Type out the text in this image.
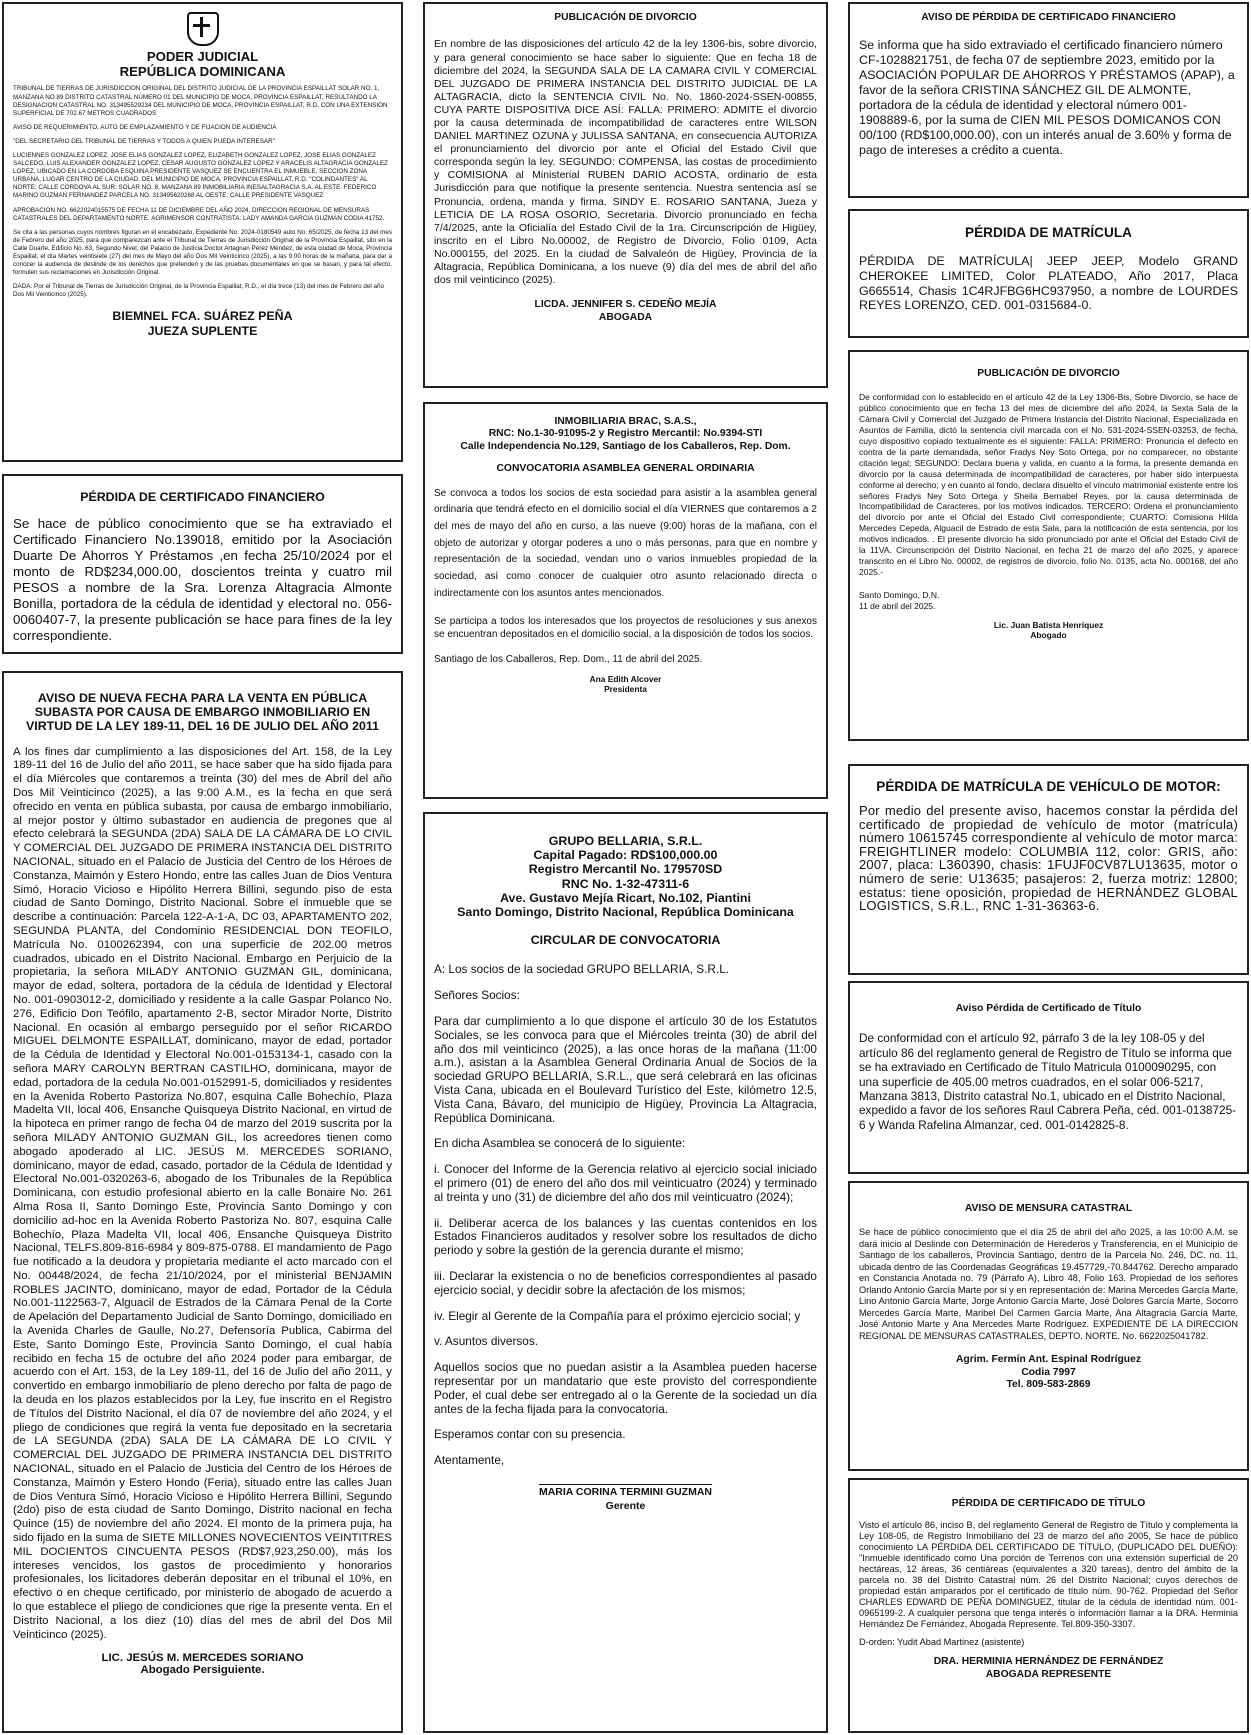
PODER JUDICIAL
REPÚBLICA DOMINICANA

TRIBUNAL DE TIERRAS DE JURISDICCION ORIGINAL DEL DISTRITO JUDICIAL DE LA PROVINCIA ESPAILLAT SOLAR NO. 1, MANZANA NO 89 DISTRITO CATASTRAL NÚMERO 01 DEL MUNICIPIO DE MOCA, PROVINCIA ESPAILLAT, RESULTANDO LA DESIGNACION CATASTRAL NO. 313495529234 DEL MUNICIPIO DE MOCA, PROVINCIA ESPAILLAT, R.D, CON UNA EXTENSION SUPERFICIAL DE 702.67 METROS CUADRADOS

AVISO DE REQUERIMIENTO, AUTO DE EMPLAZAMIENTO Y DE FIJACION DE AUDIENCIA

"DEL SECRETARIO DEL TRIBUNAL DE TIERRAS Y TODOS A QUIEN PUEDA INTERESAR"

LUCIENNES GONZALEZ LOPEZ, JOSE ELIAS GONZALEZ LOPEZ, ELIZABETH GONZALEZ LOPEZ, JOSE ELIAS GONZALEZ SALCEDO, LUIS ALEXANDER GONZALEZ LOPEZ, CESAR AUGUSTO GONZALEZ LOPEZ Y ARACELIS ALTAGRACIA GONZALEZ LOPEZ, UBICADO EN LA CORDOBA ESQUINA PRESIDENTE VASQUEZ SE ENCUENTRA EL INMUEBLE, SECCION ZONA URBANA, LUGAR CENTRO DE LA CIUDAD, DEL MUNICIPIO DE MOCA, PROVINCIA ESPAILLAT, R.D. "COLINDANTES" AL NORTE: CALLE CORDOVA AL SUR: SOLAR NO. 8, MANZANA 89 INMOBILIARIA INESALTAGRACIA S.A. AL ESTE: FEDERICO MARINO GUZMAN FERNANDEZ PARCELA NO. 313495620268 AL OESTE: CALLE PRESIDENTE VASQUEZ

APROBACION NO. 6622024015575 DE FECHA 11 DE DICIEMBRE DEL AÑO 2024, DIRECCION REGIONAL DE MENSURAS CATASTRALES DEL DEPARTAMENTO NORTE. AGRIMENSOR CONTRATISTA: LADY AMANDA GARCIA GUZMAN CODIA 41752.

Se cita a las personas cuyos nombres figuran en el encabezado, Expediente No. 2024-0180549 auto No. 65/2025, de fecha 13 del mes de Febrero del año 2025, para que comparezcan ante el Tribunal de Tierras de Jurisdicción Original de la Provincia Espaillat, sito en la Calle Duarte, Edificio No. 63, Segundo Nivel, del Palacio de Justicia Doctor Artagnan Pérez Méndez, de esta ciudad de Moca, Provincia Espaillat, el día Martes veintisiete (27) del mes de Mayo del año Dos Mil Veinticinco (2025), a las 9:00 horas de la mañana, para dar a conocer la audiencia de deslinde de los derechos que pretenden y de las pruebas documentales en que se basan, y para tal efecto, formulen sus reclamaciones en Jurisdicción Original.

DADA: Por el Tribunal de Tierras de Jurisdicción Original, de la Provincia Espaillat, R.D., el día trece (13) del mes de Febrero del año Dos Mil Veinticinco (2025).

BIEMNEL FCA. SUÁREZ PEÑA
JUEZA SUPLENTE
PÉRDIDA DE CERTIFICADO FINANCIERO

Se hace de público conocimiento que se ha extraviado el Certificado Financiero No.139018, emitido por la Asociación Duarte De Ahorros Y Préstamos ,en fecha 25/10/2024 por el monto de RD$234,000.00, doscientos treinta y cuatro mil PESOS a nombre de la Sra. Lorenza Altagracia Almonte Bonilla, portadora de la cédula de identidad y electoral no. 056-0060407-7, la presente publicación se hace para fines de la ley correspondiente.

AVISO DE NUEVA FECHA PARA LA VENTA EN PÚBLICA SUBASTA POR CAUSA DE EMBARGO INMOBILIARIO EN VIRTUD DE LA LEY 189-11, DEL 16 DE JULIO DEL AÑO 2011

A los fines dar cumplimiento a las disposiciones del Art. 158, de la Ley 189-11 del 16 de Julio del año 2011, se hace saber que ha sido fijada para el día Miércoles que contaremos a treinta (30) del mes de Abril del año Dos Mil Veinticinco (2025), a las 9:00 A.M., es la fecha en que será ofrecido en venta en pública subasta, por causa de embargo inmobiliario, al mejor postor y último subastador en audiencia de pregones que al efecto celebrará la SEGUNDA (2DA) SALA DE LA CÁMARA DE LO CIVIL Y COMERCIAL DEL JUZGADO DE PRIMERA INSTANCIA DEL DISTRITO NACIONAL, situado en el Palacio de Justicia del Centro de los Héroes de Constanza, Maimón y Estero Hondo, entre las calles Juan de Dios Ventura Simó, Horacio Vicioso e Hipólito Herrera Billini, segundo piso de esta ciudad de Santo Domingo, Distrito Nacional. Sobre el inmueble que se describe a continuación: Parcela 122-A-1-A, DC 03, APARTAMENTO 202, SEGUNDA PLANTA, del Condominio RESIDENCIAL DON TEOFILO, Matrícula No. 0100262394, con una superficie de 202.00 metros cuadrados, ubicado en el Distrito Nacional. Embargo en Perjuicio de la propietaria, la señora MILADY ANTONIO GUZMAN GIL, dominicana, mayor de edad, soltera, portadora de la cédula de Identidad y Electoral No. 001-0903012-2, domiciliado y residente a la calle Gaspar Polanco No. 276, Edificio Don Teófilo, apartamento 2-B, sector Mirador Norte, Distrito Nacional. En ocasión al embargo perseguido por el señor RICARDO MIGUEL DELMONTE ESPAILLAT, dominicano, mayor de edad, portador de la Cédula de Identidad y Electoral No.001-0153134-1, casado con la señora MARY CAROLYN BERTRAN CASTILHO, dominicana, mayor de edad, portadora de la cedula No.001-0152991-5, domiciliados y residentes en la Avenida Roberto Pastoriza No.807, esquina Calle Bohechío, Plaza Madelta VII, local 406, Ensanche Quisqueya Distrito Nacional, en virtud de la hipoteca en primer rango de fecha 04 de marzo del 2019 suscrita por la señora MILADY ANTONIO GUZMAN GIL, los acreedores tienen como abogado apoderado al LIC. JESÚS M. MERCEDES SORIANO, dominicano, mayor de edad, casado, portador de la Cédula de Identidad y Electoral No.001-0320263-6, abogado de los Tribunales de la República Dominicana, con estudio profesional abierto en la calle Bonaire No. 261 Alma Rosa II, Santo Domingo Este, Provincia Santo Domingo y con domicilio ad-hoc en la Avenida Roberto Pastoriza No. 807, esquina Calle Bohechío, Plaza Madelta VII, local 406, Ensanche Quisqueya Distrito Nacional, TELFS.809-816-6984 y 809-875-0788. El mandamiento de Pago fue notificado a la deudora y propietaria mediante el acto marcado con el No. 00448/2024, de fecha 21/10/2024, por el ministerial BENJAMIN ROBLES JACINTO, dominicano, mayor de edad, Portador de la Cédula No.001-1122563-7, Alguacil de Estrados de la Cámara Penal de la Corte de Apelación del Departamento Judicial de Santo Domingo, domiciliado en la Avenida Charles de Gaulle, No.27, Defensoría Publica, Cabirma del Este, Santo Domingo Este, Provincia Santo Domingo, el cual había recibido en fecha 15 de octubre del año 2024 poder para embargar, de acuerdo con el Art. 153, de la Ley 189-11, del 16 de Julio del año 2011, y convertido en embargo inmobiliario de pleno derecho por falta de pago de la deuda en los plazos establecidos por la Ley, fue inscrito en el Registro de Títulos del Distrito Nacional, el día 07 de noviembre del año 2024, y el pliego de condiciones que regirá la venta fue depositado en la secretaria de LA SEGUNDA (2DA) SALA DE LA CÁMARA DE LO CIVIL Y COMERCIAL DEL JUZGADO DE PRIMERA INSTANCIA DEL DISTRITO NACIONAL, situado en el Palacio de Justicia del Centro de los Héroes de Constanza, Maimón y Estero Hondo (Feria), situado entre las calles Juan de Dios Ventura Simó, Horacio Vicioso e Hipólito Herrera Billini, Segundo (2do) piso de esta ciudad de Santo Domingo, Distrito nacional en fecha Quince (15) de noviembre del año 2024. El monto de la primera puja, ha sido fijado en la suma de SIETE MILLONES NOVECIENTOS VEINTITRES MIL DOCIENTOS CINCUENTA PESOS (RD$7,923,250.00), más los intereses vencidos, los gastos de procedimiento y honorarios profesionales, los licitadores deberán depositar en el tribunal el 10%, en efectivo o en cheque certificado, por ministerio de abogado de acuerdo a lo que establece el pliego de condiciones que rige la presente venta. En el Distrito Nacional, a los diez (10) días del mes de abril del Dos Mil Veinticinco (2025).

LIC. JESÚS M. MERCEDES SORIANO
Abogado Persiguiente.
PUBLICACIÓN DE DIVORCIO

En nombre de las disposiciones del artículo 42 de la ley 1306-bis, sobre divorcio, y para general conocimiento se hace saber lo siguiente: Que en fecha 18 de diciembre del 2024, la SEGUNDA SALA DE LA CAMARA CIVIL Y COMERCIAL DEL JUZGADO DE PRIMERA INSTANCIA DEL DISTRITO JUDICIAL DE LA ALTAGRACIA, dicto la SENTENCIA CIVIL No. No. 1860-2024-SSEN-00855, CUYA PARTE DISPOSITIVA DICE ASÍ: FALLA: PRIMERO: ADMITE el divorcio por la causa determinada de incompatibilidad de caracteres entre WILSON DANIEL MARTINEZ OZUNA y JULISSA SANTANA, en consecuencia AUTORIZA el pronunciamiento del divorcio por ante el Oficial del Estado Civil que corresponda según la ley. SEGUNDO: COMPENSA, las costas de procedimiento y COMISIONA al Ministerial RUBEN DARIO ACOSTA, ordinario de esta Jurisdicción para que notifique la presente sentencia. Nuestra sentencia así se Pronuncia, ordena, manda y firma. SINDY E. ROSARIO SANTANA, Jueza y LETICIA DE LA ROSA OSORIO, Secretaria. Divorcio pronunciado en fecha 7/4/2025, ante la Oficialía del Estado Civil de la 1ra. Circunscripción de Higüey, inscrito en el Libro No.00002, de Registro de Divorcio, Folio 0109, Acta No.000155, del 2025. En la ciudad de Salvaleón de Higüey, Provincia de la Altagracia, República Dominicana, a los nueve (9) día del mes de abril del año dos mil veinticinco (2025).

LICDA. JENNIFER S. CEDEÑO MEJÍA
ABOGADA
INMOBILIARIA BRAC, S.A.S.,
RNC: No.1-30-91095-2 y Registro Mercantil: No.9394-STI
Calle Independencia No.129, Santiago de los Caballeros, Rep. Dom.
CONVOCATORIA ASAMBLEA GENERAL ORDINARIA

Se convoca a todos los socios de esta sociedad para asistir a la asamblea general ordinaria que tendrá efecto en el domicilio social el día VIERNES que contaremos a 2 del mes de mayo del año en curso, a las nueve (9:00) horas de la mañana, con el objeto de autorizar y otorgar poderes a uno o más personas, para que en nombre y representación de la sociedad, vendan uno o varios inmuebles propiedad de la sociedad, así como conocer de cualquier otro asunto relacionado directa o indirectamente con los asuntos antes mencionados.

Se participa a todos los interesados que los proyectos de resoluciones y sus anexos se encuentran depositados en el domicilio social, a la disposición de todos los socios.

Santiago de los Caballeros, Rep. Dom., 11 de abril del 2025.

Ana Edith Alcover
Presidenta
GRUPO BELLARIA, S.R.L.
Capital Pagado: RD$100,000.00
Registro Mercantil No. 179570SD
RNC No. 1-32-47311-6
Ave. Gustavo Mejía Ricart, No.102, Piantini
Santo Domingo, Distrito Nacional, República Dominicana
CIRCULAR DE CONVOCATORIA

A: Los socios de la sociedad GRUPO BELLARIA, S.R.L.

Señores Socios:

Para dar cumplimiento a lo que dispone el artículo 30 de los Estatutos Sociales, se les convoca para que el Miércoles treinta (30) de abril del año dos mil veinticinco (2025), a las once horas de la mañana (11:00 a.m.), asistan a la Asamblea General Ordinaria Anual de Socios de la sociedad GRUPO BELLARIA, S.R.L., que será celebrará en las oficinas Vista Cana, ubicada en el Boulevard Turístico del Este, kilómetro 12.5, Vista Cana, Bávaro, del municipio de Higüey, Provincia La Altagracia, República Dominicana.

En dicha Asamblea se conocerá de lo siguiente:

i. Conocer del Informe de la Gerencia relativo al ejercicio social iniciado el primero (01) de enero del año dos mil veinticuatro (2024) y terminado al treinta y uno (31) de diciembre del año dos mil veinticuatro (2024);

ii. Deliberar acerca de los balances y las cuentas contenidos en los Estados Financieros auditados y resolver sobre los resultados de dicho periodo y sobre la gestión de la gerencia durante el mismo;

iii. Declarar la existencia o no de beneficios correspondientes al pasado ejercicio social, y decidir sobre la afectación de los mismos;

iv. Elegir al Gerente de la Compañía para el próximo ejercicio social; y

v. Asuntos diversos.

Aquellos socios que no puedan asistir a la Asamblea pueden hacerse representar por un mandatario que este provisto del correspondiente Poder, el cual debe ser entregado al o la Gerente de la sociedad un día antes de la fecha fijada para la convocatoria.

Esperamos contar con su presencia.

Atentamente,

MARIA CORINA TERMINI GUZMAN
Gerente
AVISO DE PÉRDIDA DE CERTIFICADO FINANCIERO

Se informa que ha sido extraviado el certificado financiero número CF-1028821751, de fecha 07 de septiembre 2023, emitido por la ASOCIACIÓN POPULAR DE AHORROS Y PRÉSTAMOS (APAP), a favor de la señora CRISTINA SÁNCHEZ GIL DE ALMONTE, portadora de la cédula de identidad y electoral número 001-1908889-6, por la suma de CIEN MIL PESOS DOMICANOS CON 00/100 (RD$100,000.00), con un interés anual de 3.60% y forma de pago de intereses a crédito a cuenta.

PÉRDIDA DE MATRÍCULA

PÉRDIDA DE MATRÍCULA| JEEP JEEP, Modelo GRAND CHEROKEE LIMITED, Color PLATEADO, Año 2017, Placa G665514, Chasis 1C4RJFBG6HC937950, a nombre de LOURDES REYES LORENZO, CED. 001-0315684-0.

PUBLICACIÓN DE DIVORCIO

De conformidad con lo establecido en el artículo 42 de la Ley 1306-Bis, Sobre Divorcio, se hace de público conocimiento que en fecha 13 del mes de diciembre del año 2024, la Sexta Sala de la Cámara Civil y Comercial del Juzgado de Primera Instancia del Distrito Nacional, Especializada en Asuntos de Familia, dictó la sentencia civil marcada con el No. 531-2024-SSEN-03253, de fecha, cuyo dispositivo copiado textualmente es el siguiente: FALLA: PRIMERO: Pronuncia el defecto en contra de la parte demandada, señor Fradys Ney Soto Ortega, por no comparecer, no obstante citación legal; SEGUNDO: Declara buena y valida, en cuanto a la forma, la presente demanda en divorcio por la causa determinada de incompatibilidad de caracteres, por haber sido interpuesta conforme al derecho; y en cuanto al fondo, declara disuelto el vínculo matrimonial existente entre los señores Fradys Ney Soto Ortega y Sheila Bernabel Reyes, por la causa determinada de Incompatibilidad de Caracteres, por los motivos indicados. TERCERO: Ordena el pronunciamiento del divorcio por ante el Oficial del Estado Civil correspondiente; CUARTO: Comisiona Hilda Mercedes Cepeda, Alguacil de Estrado de esta Sala, para la notificación de esta sentencia, por los motivos indicados. . El presente divorcio ha sido pronunciado por ante el Oficial del Estado Civil de la 11VA. Circunscripción del Distrito Nacional, en fecha 21 de marzo del año 2025, y aparece transcrito en el Libro No. 00002, de registros de divorcio, folio No. 0135, acta No. 000168, del año 2025.-

Santo Domingo, D.N.

11 de abril del 2025.

Lic. Juan Batista Henríquez
Abogado
PÉRDIDA DE MATRÍCULA DE VEHÍCULO DE MOTOR:

Por medio del presente aviso, hacemos constar la pérdida del certificado de propiedad de vehículo de motor (matrícula) número 10615745 correspondiente al vehículo de motor marca: FREIGHTLINER modelo: COLUMBIA 112, color: GRIS, año: 2007, placa: L360390, chasis: 1FUJF0CV87LU13635, motor o número de serie: U13635; pasajeros: 2, fuerza motriz: 12800; estatus: tiene oposición, propiedad de HERNÁNDEZ GLOBAL LOGISTICS, S.R.L., RNC 1-31-36363-6.

Aviso Pérdida de Certificado de Título

De conformidad con el artículo 92, párrafo 3 de la ley 108-05 y del artículo 86 del reglamento general de Registro de Título se informa que se ha extraviado en Certificado de Título Matricula 0100090295, con una superficie de 405.00 metros cuadrados, en el solar 006-5217, Manzana 3813, Distrito catastral No.1, ubicado en el Distrito Nacional, expedido a favor de los señores Raul Cabrera Peña, céd. 001-0138725-6 y Wanda Rafelina Almanzar, ced. 001-0142825-8.

AVISO DE MENSURA CATASTRAL

Se hace de público conocimiento que el día 25 de abril del año 2025, a las 10:00 A.M. se dará inicio al Deslinde con Determinación de Herederos y Transferencia, en el Municipio de Santiago de los caballeros, Provincia Santiago, dentro de la Parcela No. 246, DC. no. 11, ubicada dentro de las Coordenadas Geográficas 19.457729,-70.844762. Derecho amparado en Constancia Anotada no. 79 (Párrafo A), Libro 48, Folio 163. Propiedad de los señores Orlando Antonio García Marte por si y en representación de: Marina Mercedes García Marte, Lino Antonio García Marte, Jorge Antonio García Marte, José Dolores García Marte, Socorro Mercedes García Marte, Maribel Del Carmen García Marte, Ana Altagracia García Marte, José Antonio Marte y Ana Mercedes Marte Rodríguez. EXPEDIENTE DE LA DIRECCION REGIONAL DE MENSURAS CATASTRALES, DEPTO. NORTE. No. 6622025041782.

Agrim. Fermín Ant. Espinal Rodríguez
Codia 7997
Tel. 809-583-2869
PÉRDIDA DE CERTIFICADO DE TÍTULO

Visto el artículo 86, inciso B, del reglamento General de Registro de Título y complementa la Ley 108-05, de Registro Inmobiliario del 23 de marzo del año 2005, Se hace de público conocimiento LA PÉRDIDA DEL CERTIFICADO DE TÍTULO, (DUPLICADO DEL DUEÑO): "Inmueble identificado como Una porción de Terrenos con una extensión superficial de 20 hectáreas, 12 áreas, 36 centiáreas (equivalentes a 320 tareas), dentro del ámbito de la parcela no. 38 del Distrito Catastral núm. 26 del Distrito Nacional; cuyos derechos de propiedad están amparados por el certificado de título núm. 90-762. Propiedad del Señor CHARLES EDWARD DE PEÑA DOMINGUEZ, titular de la cédula de identidad núm. 001- 0965199-2. A cualquier persona que tenga interés o información llamar a la DRA. Herminia Hernández De Fernández, Abogada Represente. Tel.809-350-3307.

D-orden: Yudit Abad Martinez (asistente)

DRA. HERMINIA HERNÁNDEZ DE FERNÁNDEZ
ABOGADA REPRESENTE
